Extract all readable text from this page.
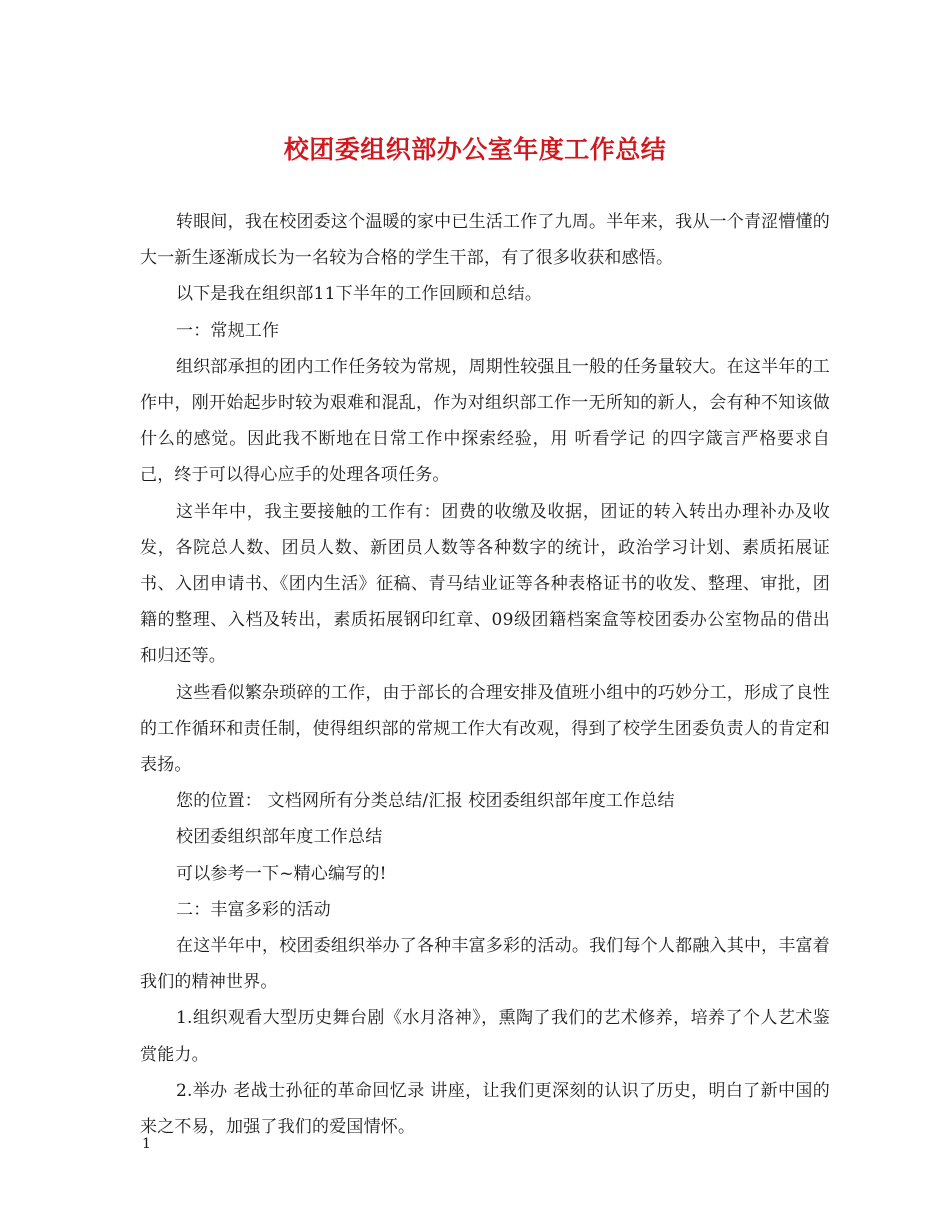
校团委组织部办公室年度工作总结

转眼间，我在校团委这个温暖的家中已生活工作了九周。半年来，我从一个青涩懵懂的大一新生逐渐成长为一名较为合格的学生干部，有了很多收获和感悟。

以下是我在组织部11下半年的工作回顾和总结。

一：常规工作

组织部承担的团内工作任务较为常规，周期性较强且一般的任务量较大。在这半年的工作中，刚开始起步时较为艰难和混乱，作为对组织部工作一无所知的新人，会有种不知该做什么的感觉。因此我不断地在日常工作中探索经验，用 听看学记 的四字箴言严格要求自己，终于可以得心应手的处理各项任务。

这半年中，我主要接触的工作有：团费的收缴及收据，团证的转入转出办理补办及收发，各院总人数、团员人数、新团员人数等各种数字的统计，政治学习计划、素质拓展证书、入团申请书、《团内生活》征稿、青马结业证等各种表格证书的收发、整理、审批，团籍的整理、入档及转出，素质拓展钢印红章、09级团籍档案盒等校团委办公室物品的借出和归还等。

这些看似繁杂琐碎的工作，由于部长的合理安排及值班小组中的巧妙分工，形成了良性的工作循环和责任制，使得组织部的常规工作大有改观，得到了校学生团委负责人的肯定和表扬。

您的位置： 文档网所有分类总结/汇报 校团委组织部年度工作总结

校团委组织部年度工作总结

可以参考一下~精心编写的!

二：丰富多彩的活动

在这半年中，校团委组织举办了各种丰富多彩的活动。我们每个人都融入其中，丰富着我们的精神世界。

1.组织观看大型历史舞台剧《水月洛神》，熏陶了我们的艺术修养，培养了个人艺术鉴赏能力。

2.举办 老战士孙征的革命回忆录 讲座，让我们更深刻的认识了历史，明白了新中国的来之不易，加强了我们的爱国情怀。

1
